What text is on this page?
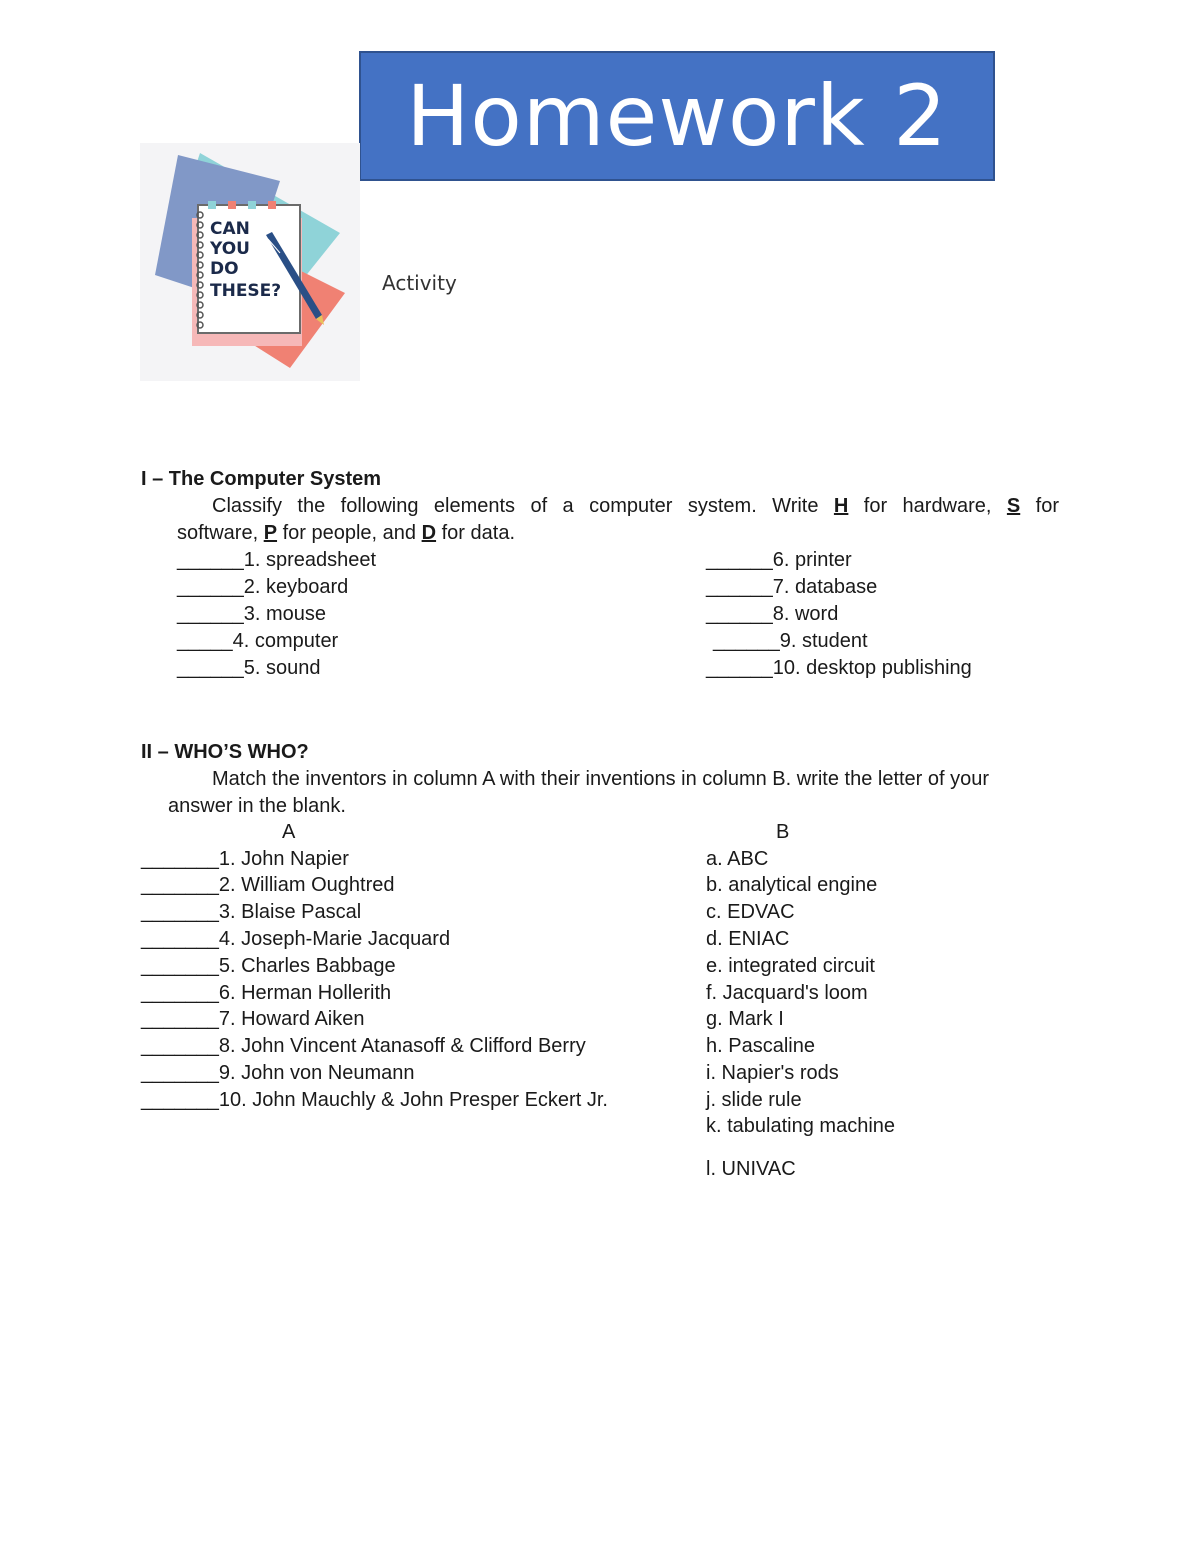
Homework 2
CAN
YOU
DO
THESE?	Activity
I – The Computer System
Classify the following elements of a computer system. Write H for hardware, S for
software, P for people, and D for data.
______1. spreadsheet
______2. keyboard
______3. mouse
_____4. computer
______5. sound
______6. printer
______7. database
______8. word
______9. student
______10. desktop publishing
II – WHO’S WHO?
Match the inventors in column A with their inventions in column B. write the letter of your
answer in the blank.
A	B
_______1. John Napier
_______2. William Oughtred
_______3. Blaise Pascal
_______4. Joseph-Marie Jacquard
_______5. Charles Babbage
_______6. Herman Hollerith
_______7. Howard Aiken
_______8. John Vincent Atanasoff & Clifford Berry
_______9. John von Neumann
_______10. John Mauchly & John Presper Eckert Jr.
a. ABC
b. analytical engine
c. EDVAC
d. ENIAC
e. integrated circuit
f. Jacquard's loom
g. Mark I
h. Pascaline
i. Napier's rods
j. slide rule
k. tabulating machine
l. UNIVAC
